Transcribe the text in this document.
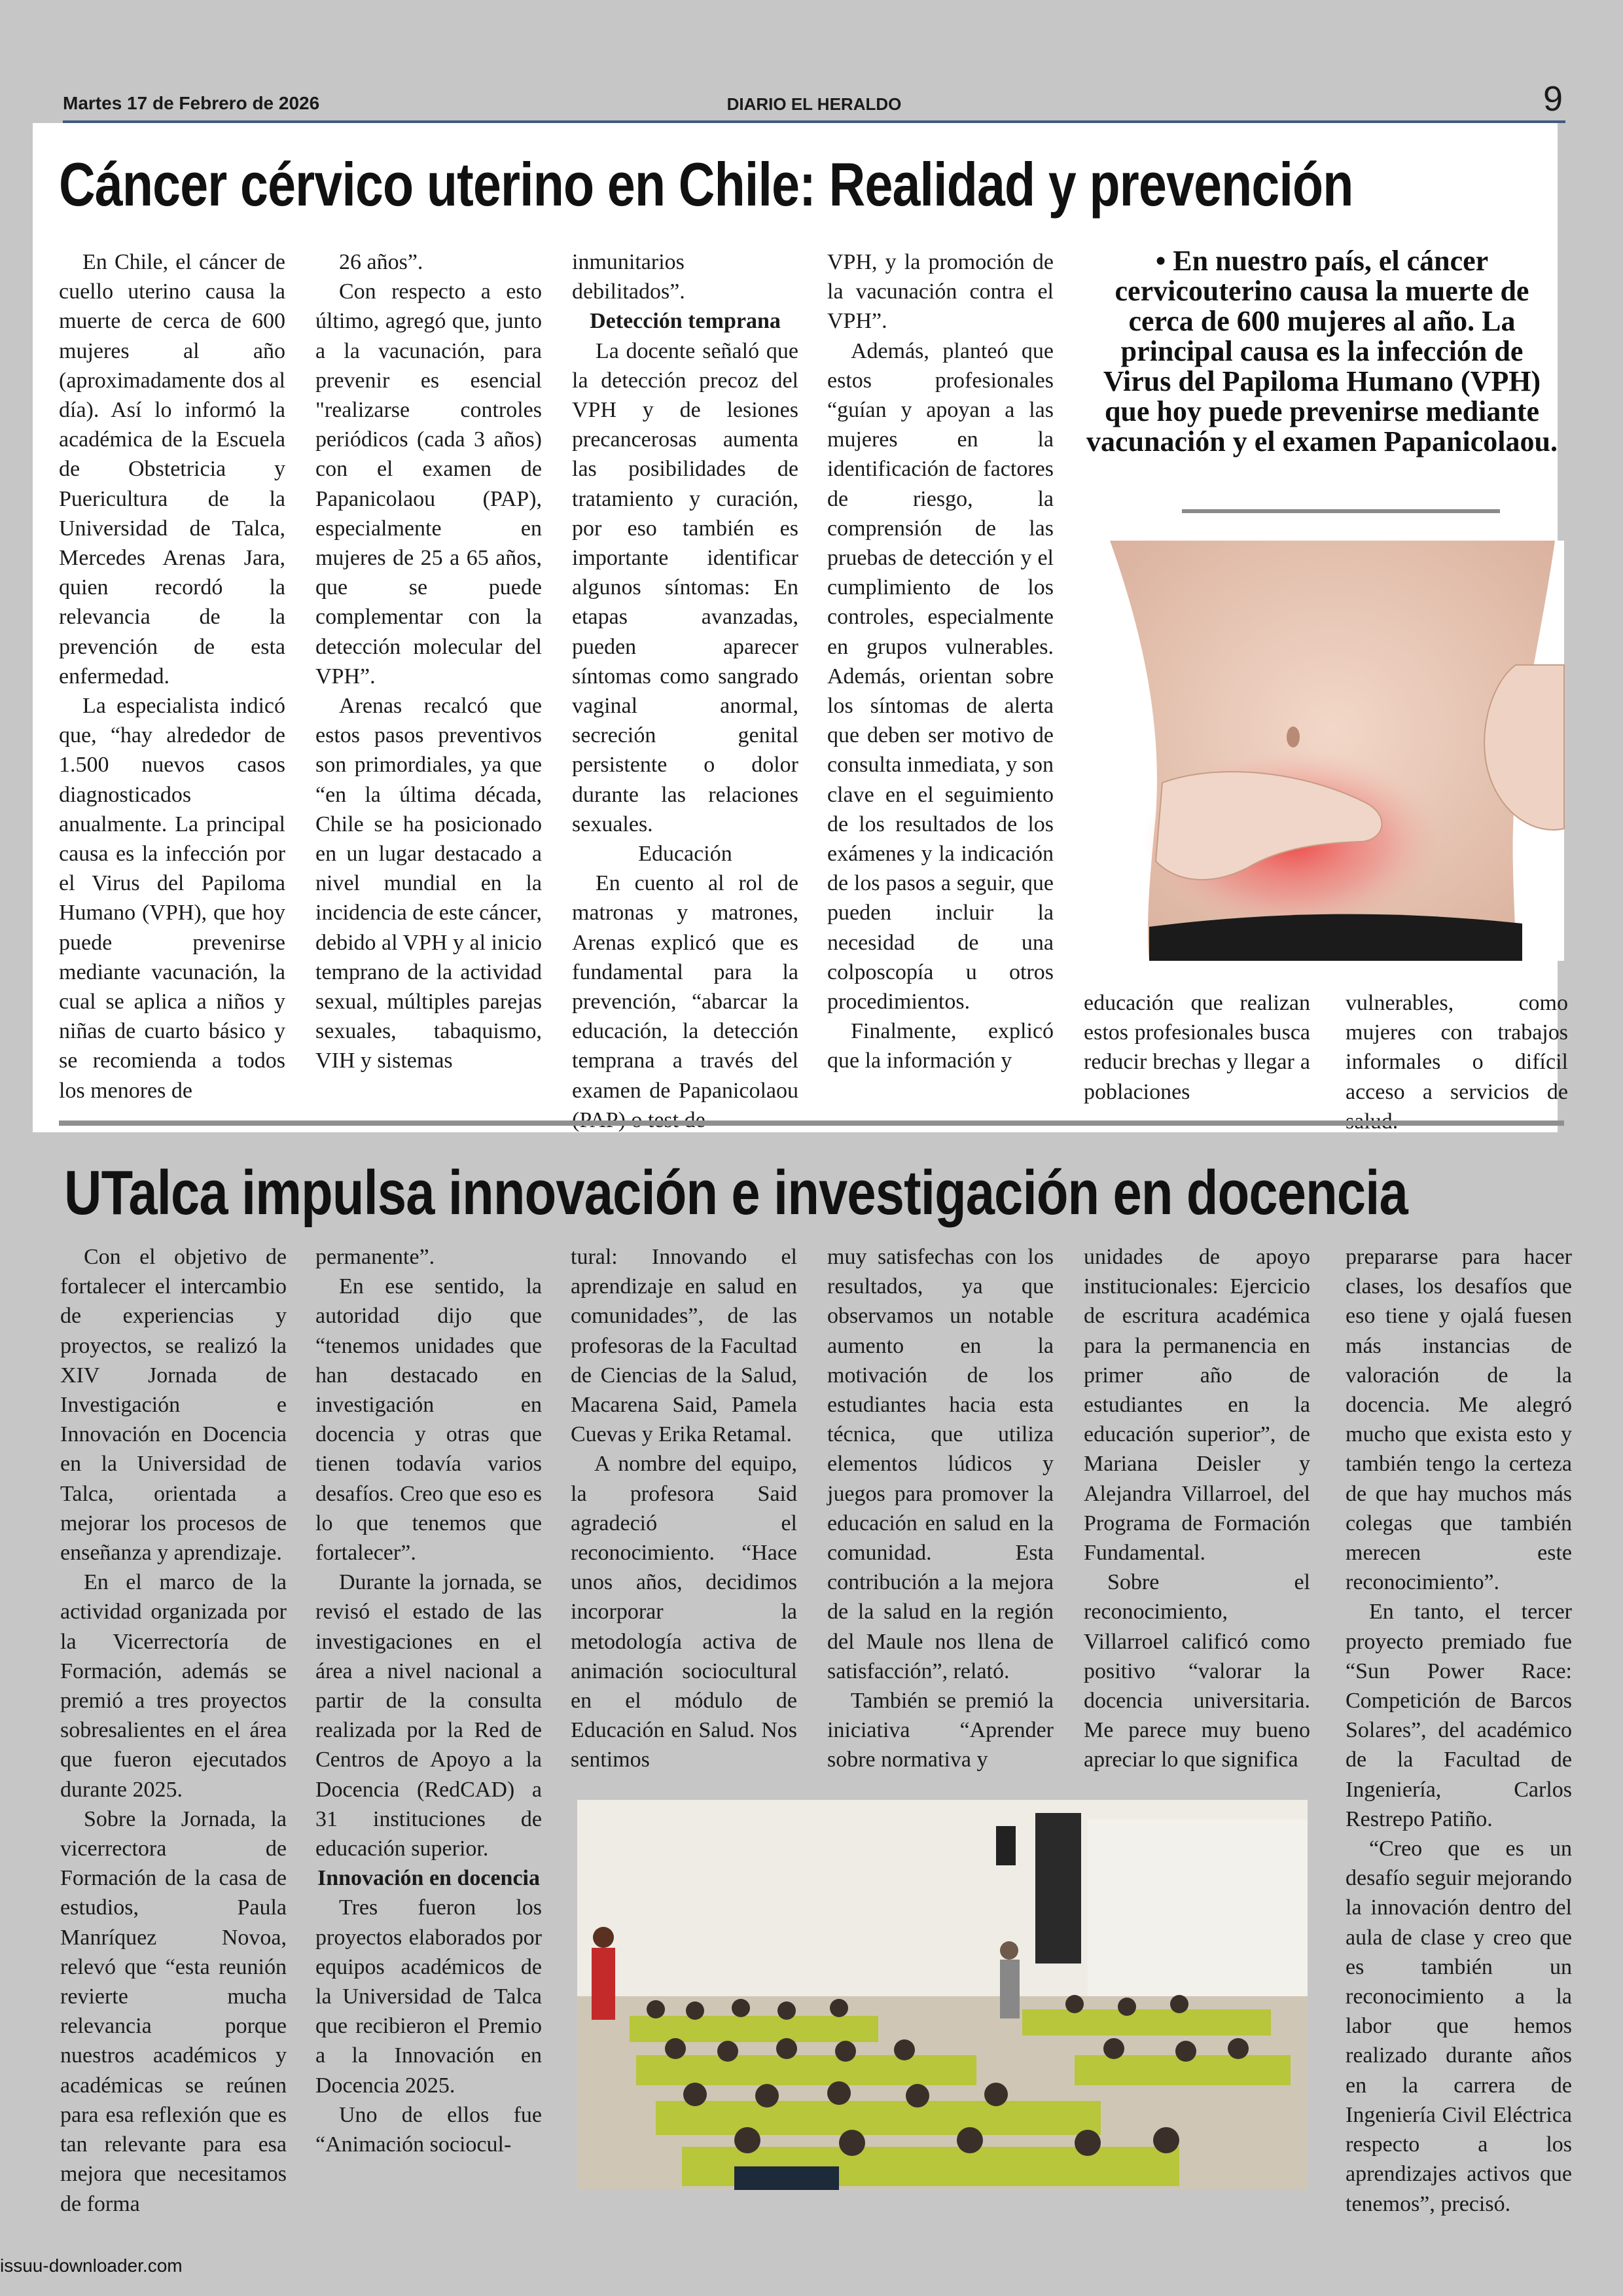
Martes 17 de Febrero de 2026	DIARIO EL HERALDO	9
Cáncer cérvico uterino en Chile: Realidad y prevención

En Chile, el cáncer de cuello uterino causa la muerte de cerca de 600 mujeres al año (aproximadamente dos al día). Así lo informó la académica de la Escuela de Obstetricia y Puericultura de la Universidad de Talca, Mercedes Arenas Jara, quien recordó la relevancia de la prevención de esta enfermedad.

La especialista indicó que, “hay alrededor de 1.500 nuevos casos diagnosticados anualmente. La principal causa es la infección por el Virus del Papiloma Humano (VPH), que hoy puede prevenirse mediante vacunación, la cual se aplica a niños y niñas de cuarto básico y se recomienda a todos los menores de

26 años”.

Con respecto a esto último, agregó que, junto a la vacunación, para prevenir es esencial "realizarse controles periódicos (cada 3 años) con el examen de Papanicolaou (PAP), especialmente en mujeres de 25 a 65 años, que se puede complementar con la detección molecular del VPH”.

Arenas recalcó que estos pasos preventivos son primordiales, ya que “en la última década, Chile se ha posicionado en un lugar destacado a nivel mundial en la incidencia de este cáncer, debido al VPH y al inicio temprano de la actividad sexual, múltiples parejas sexuales, tabaquismo, VIH y sistemas

inmunitarios debilitados”.

Detección temprana

La docente señaló que la detección precoz del VPH y de lesiones precancerosas aumenta las posibilidades de tratamiento y curación, por eso también es importante identificar algunos síntomas: En etapas avanzadas, pueden aparecer síntomas como sangrado vaginal anormal, secreción genital persistente o dolor durante las relaciones sexuales.

Educación

En cuento al rol de matronas y matrones, Arenas explicó que es fundamental para la prevención, “abarcar la educación, la detección temprana a través del examen de Papanicolaou

VPH, y la promoción de la vacunación contra el VPH”.

Además, planteó que estos profesionales “guían y apoyan a las mujeres en la identificación de factores de riesgo, la comprensión de las pruebas de detección y el cumplimiento de los controles, especialmente en grupos vulnerables. Además, orientan sobre los síntomas de alerta que deben ser motivo de consulta inmediata, y son clave en el seguimiento de los resultados de los exámenes y la indicación de los pasos a seguir, que pueden incluir la necesidad de una colposcopía u otros procedimientos.

Finalmente, explicó que la información y

• En nuestro país, el cáncer cervicouterino causa la muerte de cerca de 600 mujeres al año. La principal causa es la infección de Virus del Papiloma Humano (VPH) que hoy puede prevenirse mediante vacunación y el examen Papanicolaou.

educación que realizan estos profesionales busca reducir brechas y llegar a poblaciones

vulnerables, como mujeres con trabajos informales o difícil acceso a servicios de

UTalca impulsa innovación e investigación en docencia

Con el objetivo de fortalecer el intercambio de experiencias y proyectos, se realizó la XIV Jornada de Investigación e Innovación en Docencia en la Universidad de Talca, orientada a mejorar los procesos de enseñanza y aprendizaje.

En el marco de la actividad organizada por la Vicerrectoría de Formación, además se premió a tres proyectos sobresalientes en el área que fueron ejecutados durante 2025.

Sobre la Jornada, la vicerrectora de Formación de la casa de estudios, Paula Manríquez Novoa, relevó que “esta reunión revierte mucha relevancia porque nuestros académicos y académicas se reúnen para esa reflexión que es tan relevante para esa mejora que necesitamos de forma

permanente”.

En ese sentido, la autoridad dijo que “tenemos unidades que han destacado en investigación en docencia y otras que tienen todavía varios desafíos. Creo que eso es lo que tenemos que fortalecer”.

Durante la jornada, se revisó el estado de las investigaciones en el área a nivel nacional a partir de la consulta realizada por la Red de Centros de Apoyo a la Docencia (RedCAD) a 31 instituciones de educación superior.

Innovación en docencia

Tres fueron los proyectos elaborados por equipos académicos de la Universidad de Talca que recibieron el Premio a la Innovación en Docencia 2025.

Uno de ellos fue “Animación sociocul-

tural: Innovando el aprendizaje en salud en comunidades”, de las profesoras de la Facultad de Ciencias de la Salud, Macarena Said, Pamela Cuevas y Erika Retamal.

A nombre del equipo, la profesora Said agradeció el reconocimiento. “Hace unos años, decidimos incorporar la metodología activa de animación sociocultural en el módulo de Educación en Salud. Nos sentimos

muy satisfechas con los resultados, ya que observamos un notable aumento en la motivación de los estudiantes hacia esta técnica, que utiliza elementos lúdicos y juegos para promover la educación en salud en la comunidad. Esta contribución a la mejora de la salud en la región del Maule nos llena de satisfacción”, relató.

También se premió la iniciativa “Aprender sobre normativa y

unidades de apoyo institucionales: Ejercicio de escritura académica para la permanencia en primer año de estudiantes en la educación superior”, de Mariana Deisler y Alejandra Villarroel, del Programa de Formación Fundamental.

Sobre el reconocimiento, Villarroel calificó como positivo “valorar la docencia universitaria. Me parece muy bueno apreciar lo que significa

prepararse para hacer clases, los desafíos que eso tiene y ojalá fuesen más instancias de valoración de la docencia. Me alegró mucho que exista esto y también tengo la certeza de que hay muchos más colegas que también merecen este reconocimiento”.

En tanto, el tercer proyecto premiado fue “Sun Power Race: Competición de Barcos Solares”, del académico de la Facultad de Ingeniería, Carlos Restrepo Patiño.

“Creo que es un desafío seguir mejorando la innovación dentro del aula de clase y creo que es también un reconocimiento a la labor que hemos realizado durante años en la carrera de Ingeniería Civil Eléctrica respecto a los aprendizajes activos que tenemos”, precisó.

issuu-downloader.com
